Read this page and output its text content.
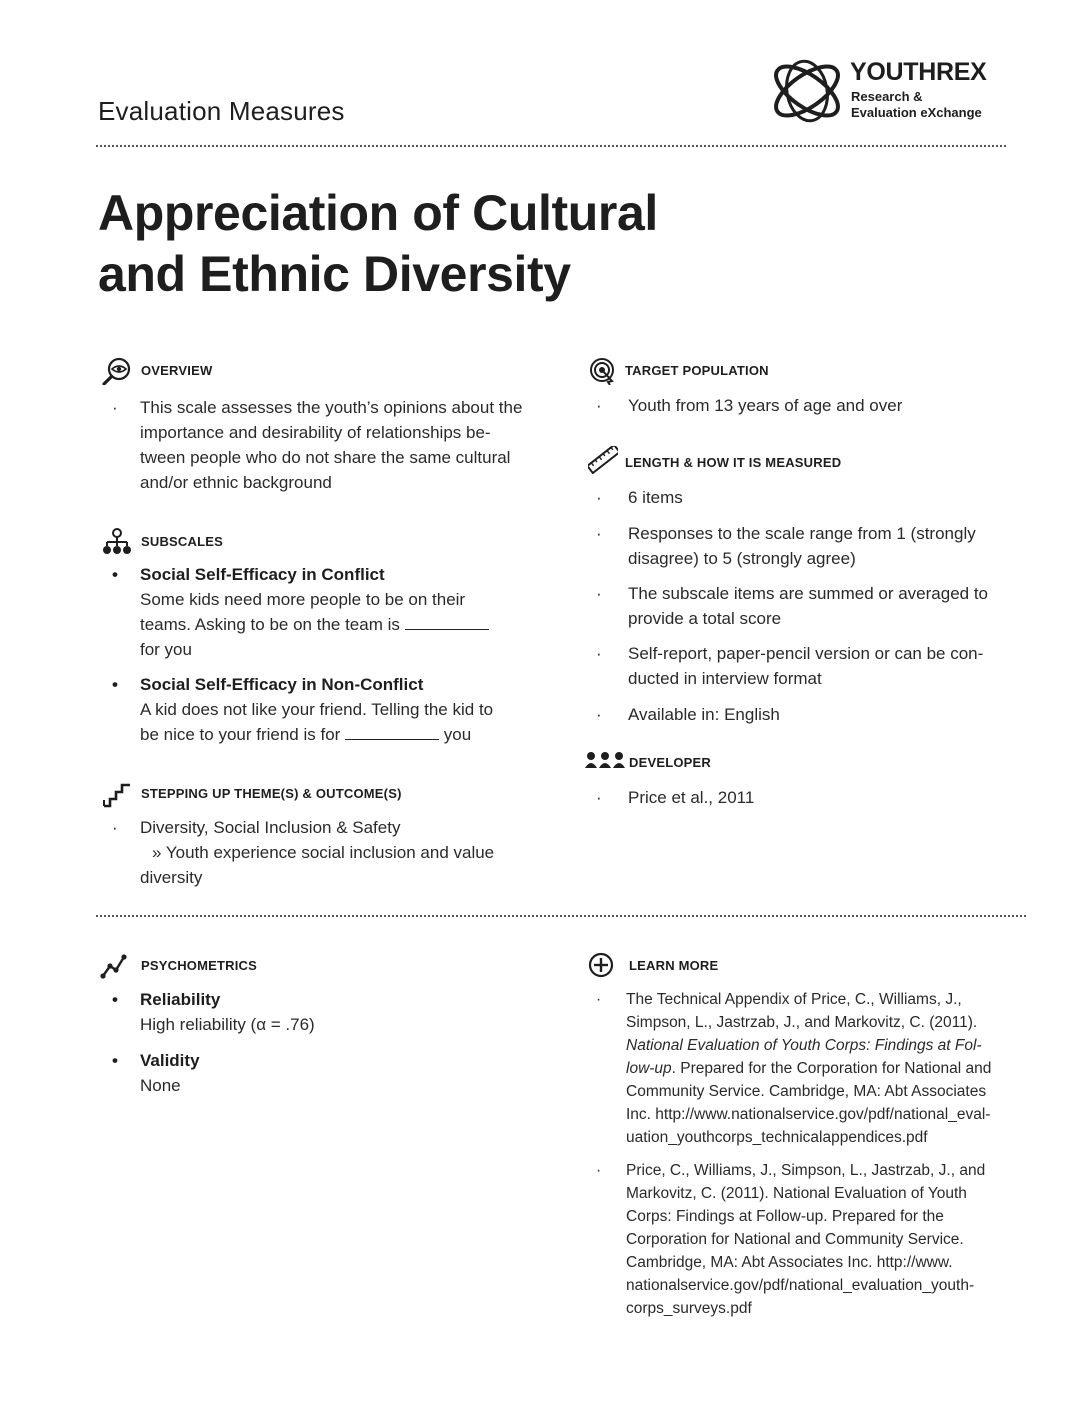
Evaluation Measures
YOUTHREX
Research &
Evaluation eXchange
Appreciation of Cultural
and Ethnic Diversity
OVERVIEW
· This scale assesses the youth’s opinions about the
importance and desirability of relationships be-
tween people who do not share the same cultural
and/or ethnic background
SUBSCALES
• Social Self-Efficacy in Conflict
Some kids need more people to be on their
teams. Asking to be on the team is
for you
• Social Self-Efficacy in Non-Conflict
A kid does not like your friend. Telling the kid to
be nice to your friend is for	you
STEPPING UP THEME(S) & OUTCOME(S)
· Diversity, Social Inclusion & Safety
» Youth experience social inclusion and value
diversity
TARGET POPULATION
·	Youth from 13 years of age and over
LENGTH & HOW IT IS MEASURED
·	6 items
· Responses to the scale range from 1 (strongly
disagree) to 5 (strongly agree)
· The subscale items are summed or averaged to
provide a total score
· Self-report, paper-pencil version or can be con-
ducted in interview format
·	Available in: English
DEVELOPER
·	Price et al., 2011
PSYCHOMETRICS
• Reliability
High reliability (α = .76)
• Validity
None
LEARN MORE
· The Technical Appendix of Price, C., Williams, J.,
Simpson, L., Jastrzab, J., and Markovitz, C. (2011).
National Evaluation of Youth Corps: Findings at Fol-
low-up. Prepared for the Corporation for National and
Community Service. Cambridge, MA: Abt Associates
Inc. http://www.nationalservice.gov/pdf/national_eval-
uation_youthcorps_technicalappendices.pdf
· Price, C., Williams, J., Simpson, L., Jastrzab, J., and
Markovitz, C. (2011). National Evaluation of Youth
Corps: Findings at Follow-up. Prepared for the
Corporation for National and Community Service.
Cambridge, MA: Abt Associates Inc. http://www.
nationalservice.gov/pdf/national_evaluation_youth-
corps_surveys.pdf
